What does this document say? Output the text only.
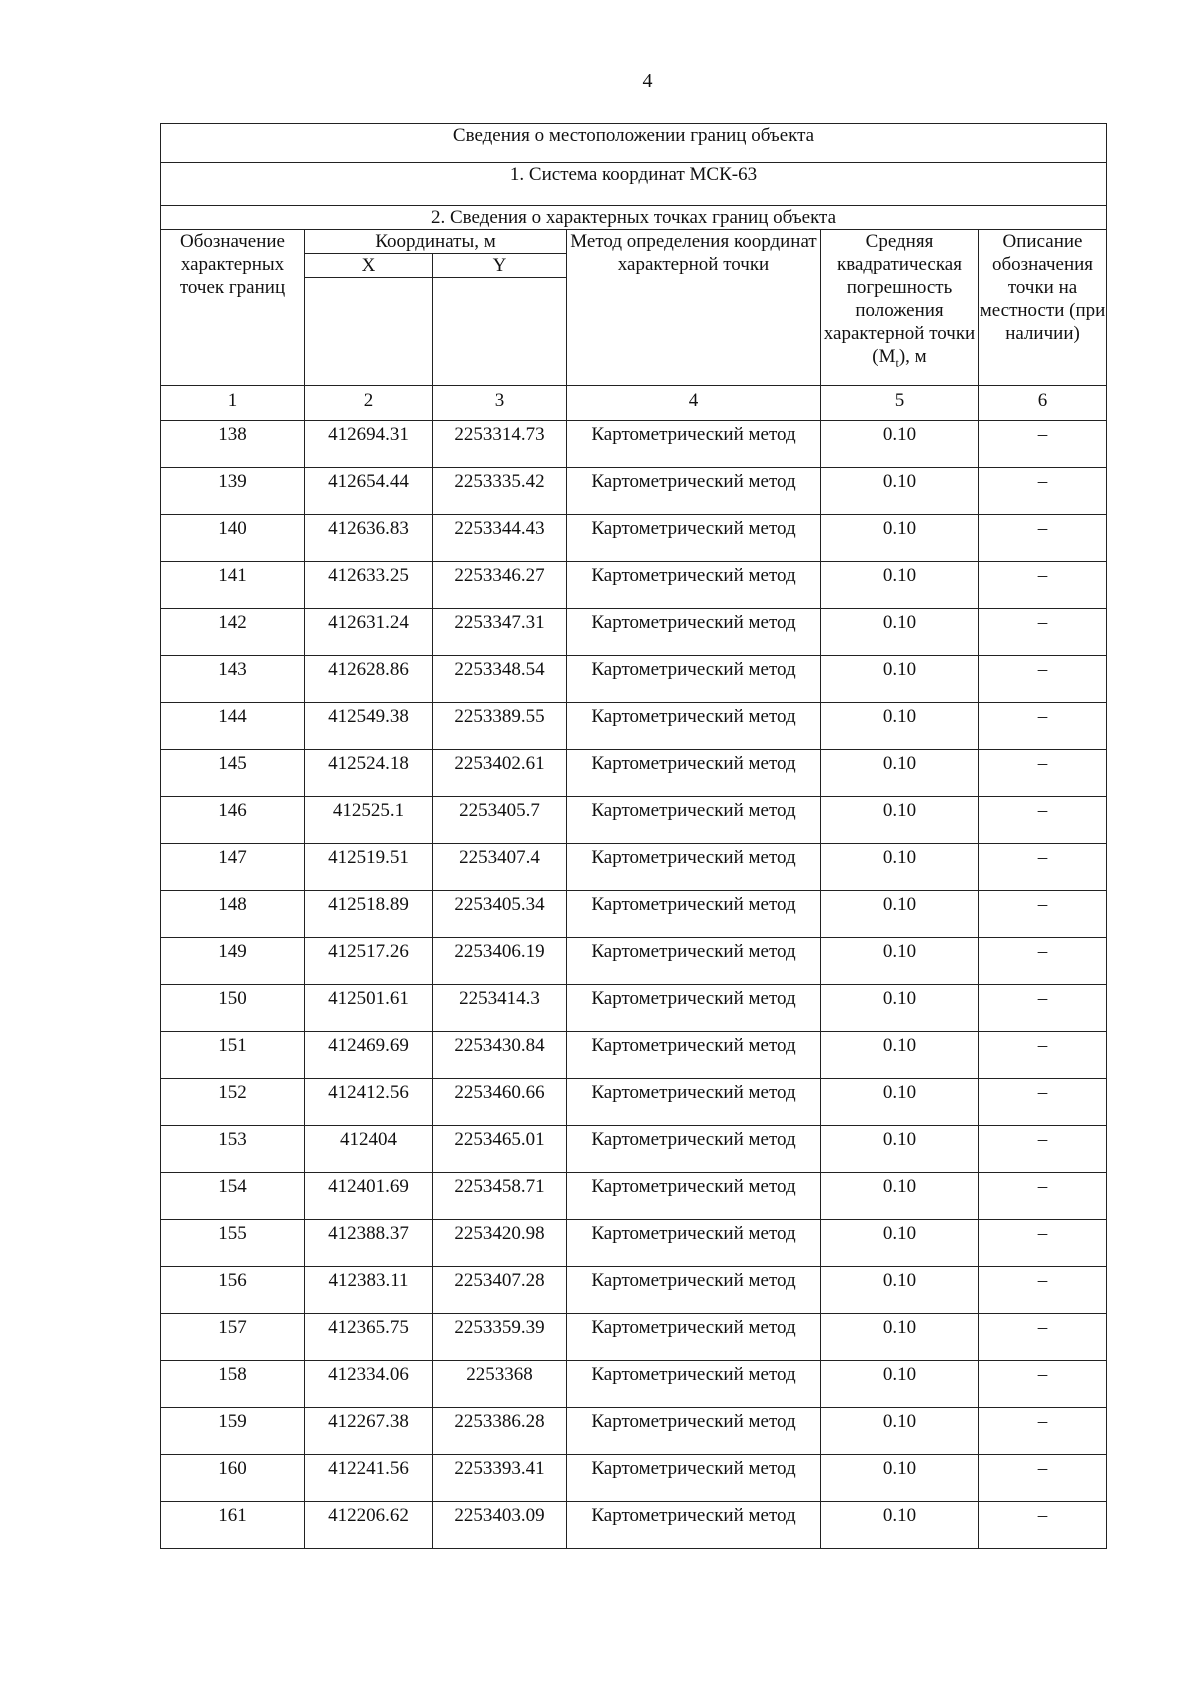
4
Сведения о местоположении границ объекта					
1. Система координат МСК-63					
2. Сведения о характерных точках границ объекта					
Обозначение характерных точек границ	Координаты, м		Метод определения координат характерной точки	Средняя квадратическая погрешность положения характерной точки $(M_t)$, м	Описание обозначения точки на местности (при наличии)
	X	Y			

1	2	3	4	5	6
138	412694.31	2253314.73	Картометрический метод	0.10	–
139	412654.44	2253335.42	Картометрический метод	0.10	–
140	412636.83	2253344.43	Картометрический метод	0.10	–
141	412633.25	2253346.27	Картометрический метод	0.10	–
142	412631.24	2253347.31	Картометрический метод	0.10	–
143	412628.86	2253348.54	Картометрический метод	0.10	–
144	412549.38	2253389.55	Картометрический метод	0.10	–
145	412524.18	2253402.61	Картометрический метод	0.10	–
146	412525.1	2253405.7	Картометрический метод	0.10	–
147	412519.51	2253407.4	Картометрический метод	0.10	–
148	412518.89	2253405.34	Картометрический метод	0.10	–
149	412517.26	2253406.19	Картометрический метод	0.10	–
150	412501.61	2253414.3	Картометрический метод	0.10	–
151	412469.69	2253430.84	Картометрический метод	0.10	–
152	412412.56	2253460.66	Картометрический метод	0.10	–
153	412404	2253465.01	Картометрический метод	0.10	–
154	412401.69	2253458.71	Картометрический метод	0.10	–
155	412388.37	2253420.98	Картометрический метод	0.10	–
156	412383.11	2253407.28	Картометрический метод	0.10	–
157	412365.75	2253359.39	Картометрический метод	0.10	–
158	412334.06	2253368	Картометрический метод	0.10	–
159	412267.38	2253386.28	Картометрический метод	0.10	–
160	412241.56	2253393.41	Картометрический метод	0.10	–
161	412206.62	2253403.09	Картометрический метод	0.10	–
